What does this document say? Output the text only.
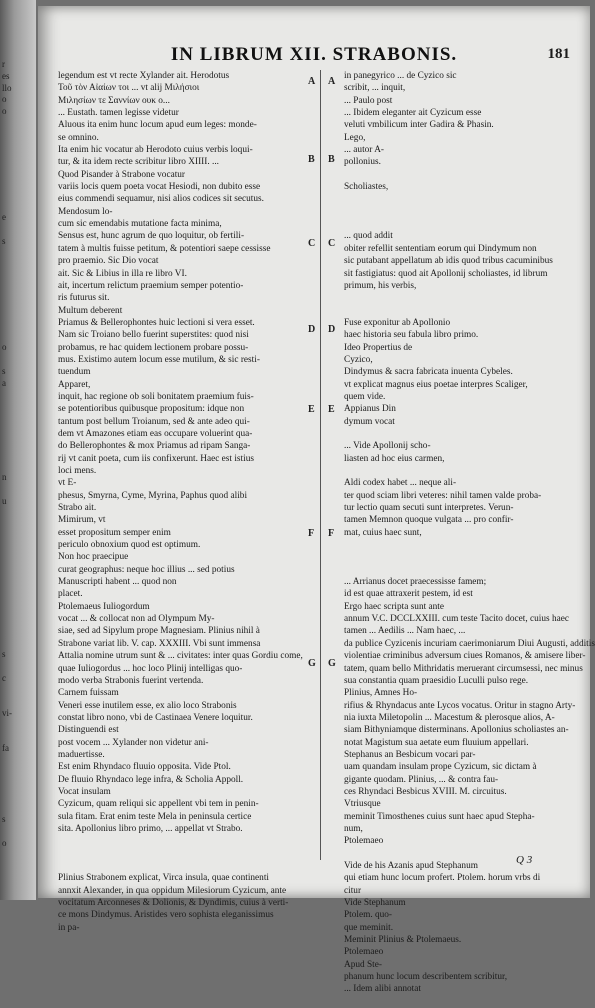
r
es
llo
o
o
e
s
o
s
a
n
u
s
c
vi-
fa
s
o
IN LIBRUM XII. STRABONIS.	181
legendum est vt recte Xylander ait. Herodotus
Τοῦ τὸν Αἰαίων τοι ... vt alij Μιλήσιοι
Μιλησίων τε Σαννίων ουκ ο...
... Eustath. tamen legisse videtur
Aluous ita enim hunc locum apud eum leges: monde-
se omnino.
Ita enim hic vocatur ab Herodoto cuius verbis loqui-
tur, & ita idem recte scribitur libro XIIII. ...
Quod Pisander à Strabone vocatur
variis locis quem poeta vocat Hesiodi, non dubito esse
eius commendi sequamur, nisi alios codices sit secutus.
Mendosum lo-
cum sic emendabis mutatione facta minima,
Sensus est, hunc agrum de quo loquitur, ob fertili-
tatem à multis fuisse petitum, & potentiori saepe cessisse
pro praemio. Sic Dio vocat
ait. Sic & Libius in illa re libro VI.
ait, incertum relictum praemium semper potentio-
ris futurus sit.
Multum deberent
Priamus & Bellerophontes huic lectioni si vera esset.
Nam sic Troiano bello fuerint superstites: quod nisi
probamus, re hac quidem lectionem probare possu-
mus. Existimo autem locum esse mutilum, & sic resti-
tuendum
Apparet,
inquit, hac regione ob soli bonitatem praemium fuis-
se potentioribus quibusque propositum: idque non
tantum post bellum Troianum, sed & ante adeo qui-
dem vt Amazones etiam eas occupare voluerint qua-
do Bellerophontes & mox Priamus ad ripam Sanga-
rij vt canit poeta, cum iis confixerunt. Haec est istius
loci mens.
vt E-
phesus, Smyrna, Cyme, Myrina, Paphus quod alibi
Strabo ait.
Mimirum, vt
esset propositum semper enim
periculo obnoxium quod est optimum.
Non hoc praecipue
curat geographus: neque hoc illius ... sed potius
Manuscripti habent ... quod non
placet.
Ptolemaeus Iuliogordum
vocat ... & collocat non ad Olympum My-
siae, sed ad Sipylum prope Magnesiam. Plinius nihil à
Strabone variat lib. V. cap. XXXIII. Vbi sunt immensa
Attalia nomine utrum sunt & ... civitates: inter quas Gordiu come,
quae Iuliogordus ... hoc loco Plinij intelligas quo-
modo verba Strabonis fuerint vertenda.
Carnem fuissam
Veneri esse inutilem esse, ex alio loco Strabonis
constat libro nono, vbi de Castinaea Venere loquitur.
Distinguendi est
post vocem ... Xylander non videtur ani-
maduertisse.
Est enim Rhyndaco fluuio opposita. Vide Ptol.
De fluuio Rhyndaco lege infra, & Scholia Appoll.
Vocat insulam
Cyzicum, quam reliqui sic appellent vbi tem in penin-
sula fitam. Erat enim teste Mela in peninsula certice
sita. Apollonius libro primo, ... appellat vt Strabo.
Plinius Strabonem explicat, Virca insula, quae continenti
annxit Alexander, in qua oppidum Milesiorum Cyzicum, ante
vocitatum Arconneses & Dolionis, & Dyndimis, cuius à verti-
ce mons Dindymus. Aristides vero sophista eleganissimus
in pa-
in panegyrico ... de Cyzico sic
scribit, ... inquit,
... Paulo post
... Ibidem eleganter ait Cyzicum esse
veluti vmbilicum inter Gadira & Phasin.
Lego,
... autor A-
pollonius.
Scholiastes,
... quod addit
obiter refellit sententiam eorum qui Dindymum non
sic putabant appellatum ab idis quod tribus cacuminibus
sit fastigiatus: quod ait Apollonij scholiastes, id librum
primum, his verbis,
Fuse exponitur ab Apollonio
haec historia seu fabula libro primo.
Ideo Propertius de
Cyzico,
Dindymus & sacra fabricata inuenta Cybeles.
vt explicat magnus eius poetae interpres Scaliger,
quem vide.
Appianus Din
dymum vocat
... Vide Apollonij scho-
liasten ad hoc eius carmen,
Aldi codex habet ... neque ali-
ter quod sciam libri veteres: nihil tamen valde proba-
tur lectio quam secuti sunt interpretes. Verun-
tamen Memnon quoque vulgata ... pro confir-
mat, cuius haec sunt,
... Arrianus docet praecessisse famem;
id est quae attraxerit pestem, id est
Ergo haec scripta sunt ante
annum V.C. DCCLXXIII. cum teste Tacito docet, cuius haec
tamen ... Aedilis ... Nam haec, ...
da publice Cyzicenis incuriam caerimoniarum Diui Augusti, additis
violentiae criminibus adversum ciues Romanos, & amisere liber-
tatem, quam bello Mithridatis meruerant circumsessi, nec minus
sua constantia quam praesidio Luculli pulso rege.
Plinius, Amnes Ho-
rifius & Rhyndacus ante Lycos vocatus. Oritur in stagno Arty-
nia iuxta Miletopolin ... Macestum & plerosque alios, A-
siam Bithyniamque disterminans. Apollonius scholiastes an-
notat Magistum sua aetate eum fluuium appellari.
Stephanus an Besbicum vocari par-
uam quandam insulam prope Cyzicum, sic dictam à
gigante quodam. Plinius, ... & contra fau-
ces Rhyndaci Besbicus XVIII. M. circuitus.
Vtriusque
meminit Timosthenes cuius sunt haec apud Stepha-
num,
Ptolemaeo
Vide de his Azanis apud Stephanum
qui etiam hunc locum profert. Ptolem. horum vrbs di
citur
Vide Stephanum
Ptolem. quo-
que meminit.
Meminit Plinius & Ptolemaeus.
Ptolemaeo
Apud Ste-
phanum hunc locum describentem scribitur,
... Idem alibi annotat
A
B
C
D
E
F
G
A
B
C
D
E
F
G
Q 3
